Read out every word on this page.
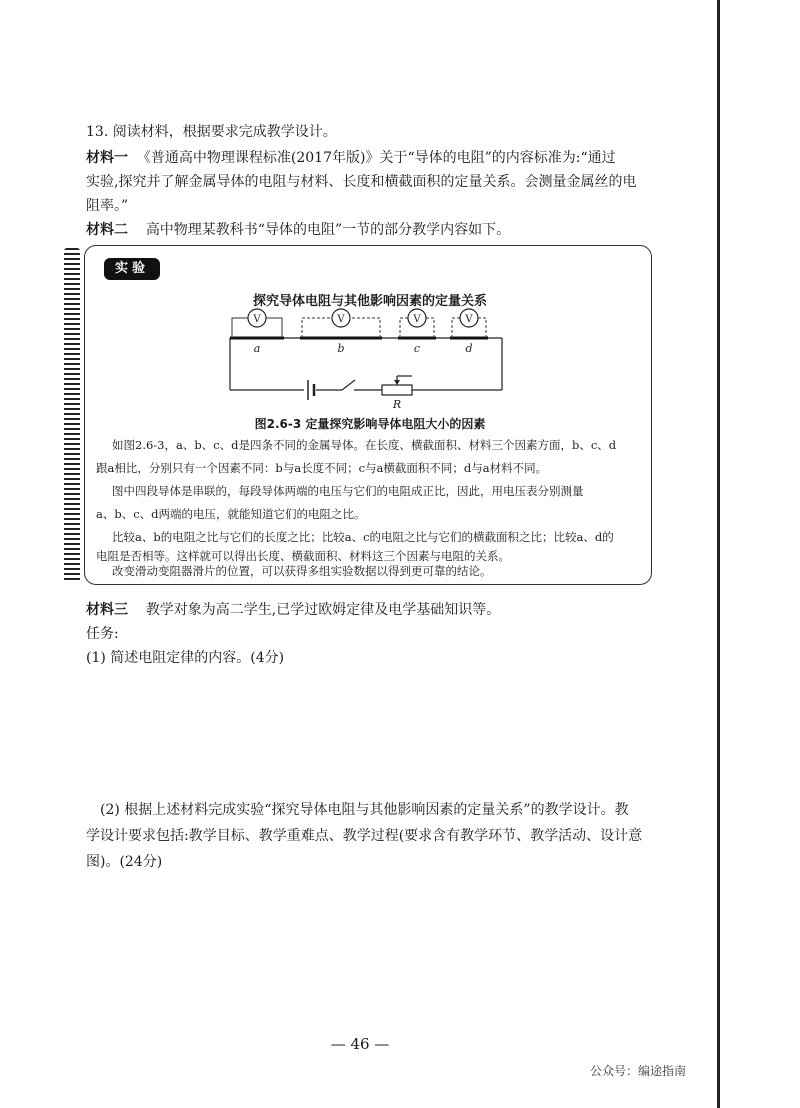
13. 阅读材料，根据要求完成教学设计。
材料一 《普通高中物理课程标准(2017年版)》关于“导体的电阻”的内容标准为:“通过
实验,探究并了解金属导体的电阻与材料、长度和横截面积的定量关系。会测量金属丝的电
阻率。”
材料二 高中物理某教科书“导体的电阻”一节的部分教学内容如下。
实验
探究导体电阻与其他影响因素的定量关系
V	V	V	V
a	b	c	d
R
图2.6-3 定量探究影响导体电阻大小的因素
如图2.6-3，a、b、c、d是四条不同的金属导体。在长度、横截面积、材料三个因素方面，b、c、d
跟a相比，分别只有一个因素不同：b与a长度不同；c与a横截面积不同；d与a材料不同。
图中四段导体是串联的，每段导体两端的电压与它们的电阻成正比，因此，用电压表分别测量
a、b、c、d两端的电压，就能知道它们的电阻之比。
比较a、b的电阻之比与它们的长度之比；比较a、c的电阻之比与它们的横截面积之比；比较a、d的
电阻是否相等。这样就可以得出长度、横截面积、材料这三个因素与电阻的关系。
改变滑动变阻器滑片的位置，可以获得多组实验数据以得到更可靠的结论。
材料三 教学对象为高二学生,已学过欧姆定律及电学基础知识等。
任务:
(1) 简述电阻定律的内容。(4分)
(2) 根据上述材料完成实验“探究导体电阻与其他影响因素的定量关系”的教学设计。教
学设计要求包括:教学目标、教学重难点、教学过程(要求含有教学环节、教学活动、设计意
图)。(24分)
— 46 —
公众号：编途指南
